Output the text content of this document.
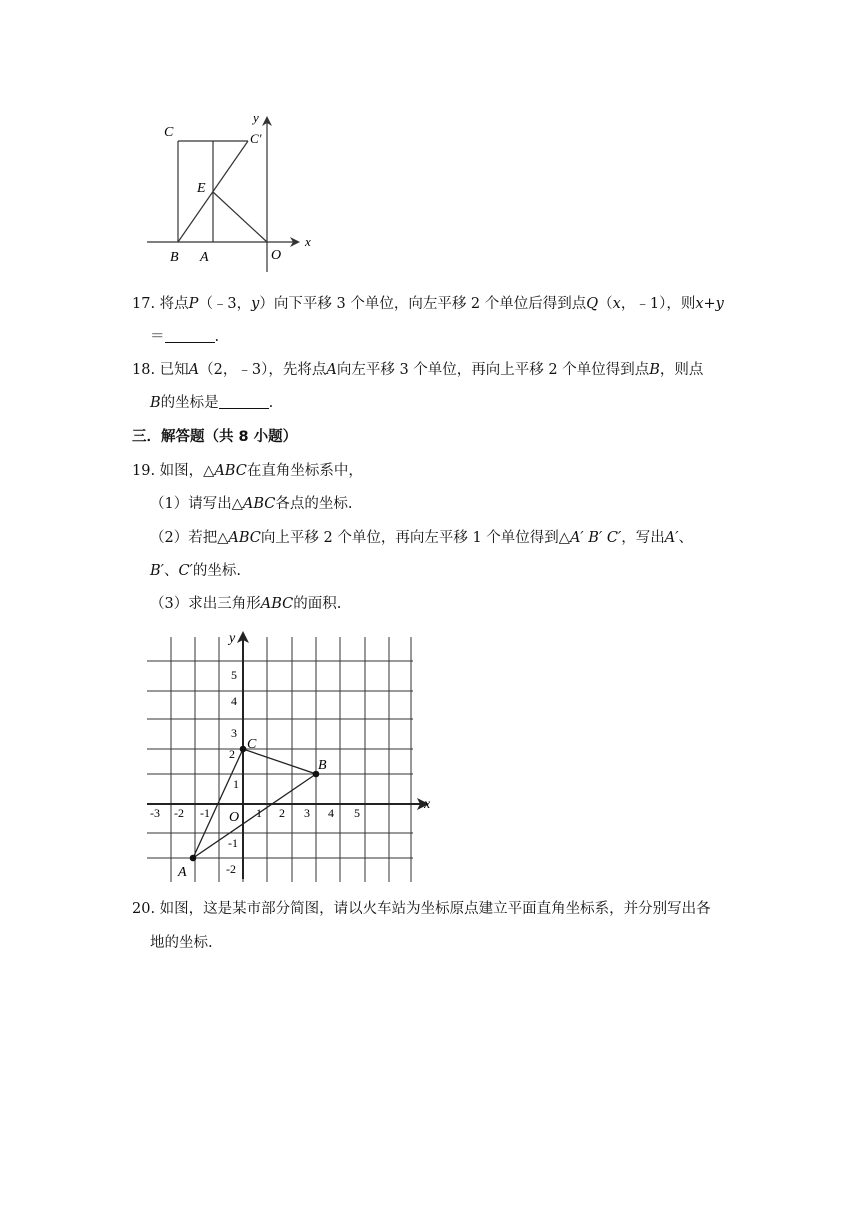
C	C'
E
B A	O
x
y
17. 将点P（﹣3，y）向下平移 3 个单位，向左平移 2 个单位后得到点Q（x，﹣1），则x+y
＝	.
18. 已知A（2，﹣3），先将点A向左平移 3 个单位，再向上平移 2 个单位得到点B，则点
B的坐标是	.
三．解答题（共 8 小题）
19. 如图，△ABC在直角坐标系中，
（1）请写出△ABC各点的坐标.
（2）若把△ABC向上平移 2 个单位，再向左平移 1 个单位得到△A′ B′ C′，写出A′、
B′、C′的坐标.
（3）求出三角形ABC的面积.
A
B
C
O
x
y
-3 -2 -1	1 2 3 4 5
5
4
3
2
1
-1
-2
20. 如图，这是某市部分简图，请以火车站为坐标原点建立平面直角坐标系，并分别写出各
地的坐标.
